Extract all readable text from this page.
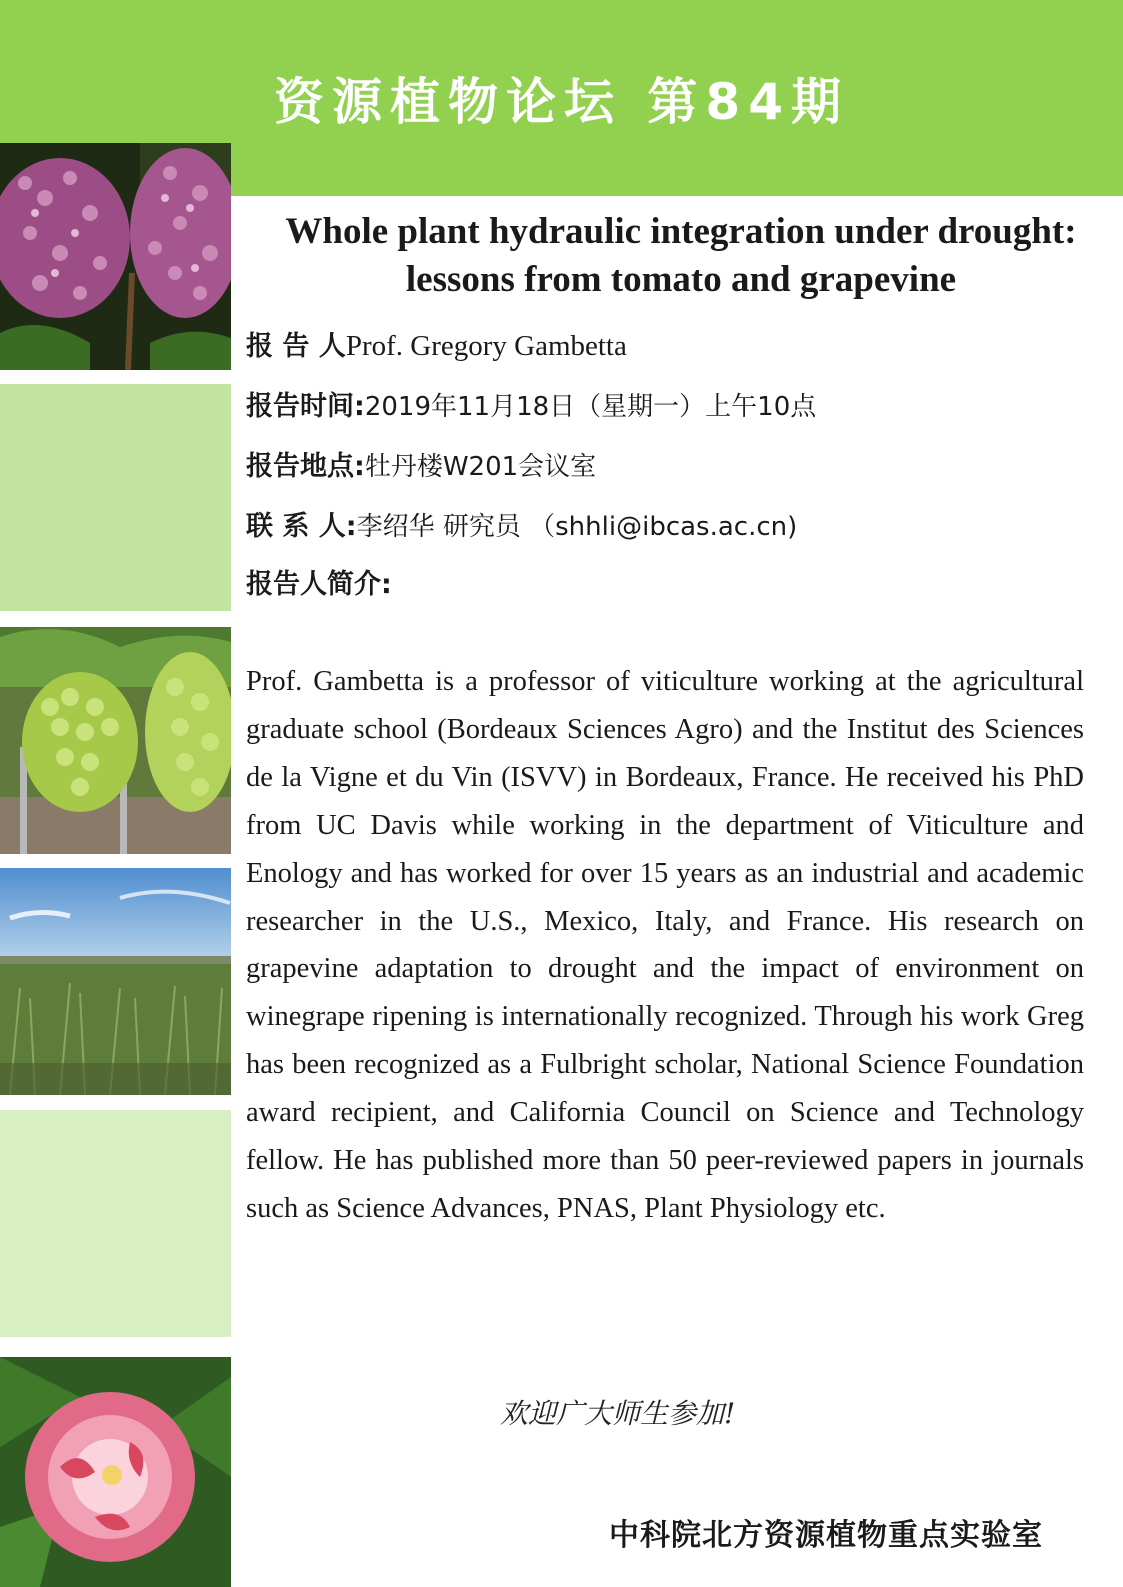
资源植物论坛 第84期
Whole plant hydraulic integration under drought:
lessons from tomato and grapevine
报 告 人Prof. Gregory Gambetta
报告时间:2019年11月18日（星期一）上午10点
报告地点:牡丹楼W201会议室
联 系 人:李绍华 研究员 （shhli@ibcas.ac.cn)
报告人简介:

Prof. Gambetta is a professor of viticulture working at the agricultural graduate school (Bordeaux Sciences Agro) and the Institut des Sciences de la Vigne et du Vin (ISVV) in Bordeaux, France. He received his PhD from UC Davis while working in the department of Viticulture and Enology and has worked for over 15 years as an industrial and academic researcher in the U.S., Mexico, Italy, and France. His research on grapevine adaptation to drought and the impact of environment on winegrape ripening is internationally recognized. Through his work Greg has been recognized as a Fulbright scholar, National Science Foundation award recipient, and California Council on Science and Technology fellow. He has published more than 50 peer-reviewed papers in journals such as Science Advances, PNAS, Plant Physiology etc.

欢迎广大师生参加!
中科院北方资源植物重点实验室
